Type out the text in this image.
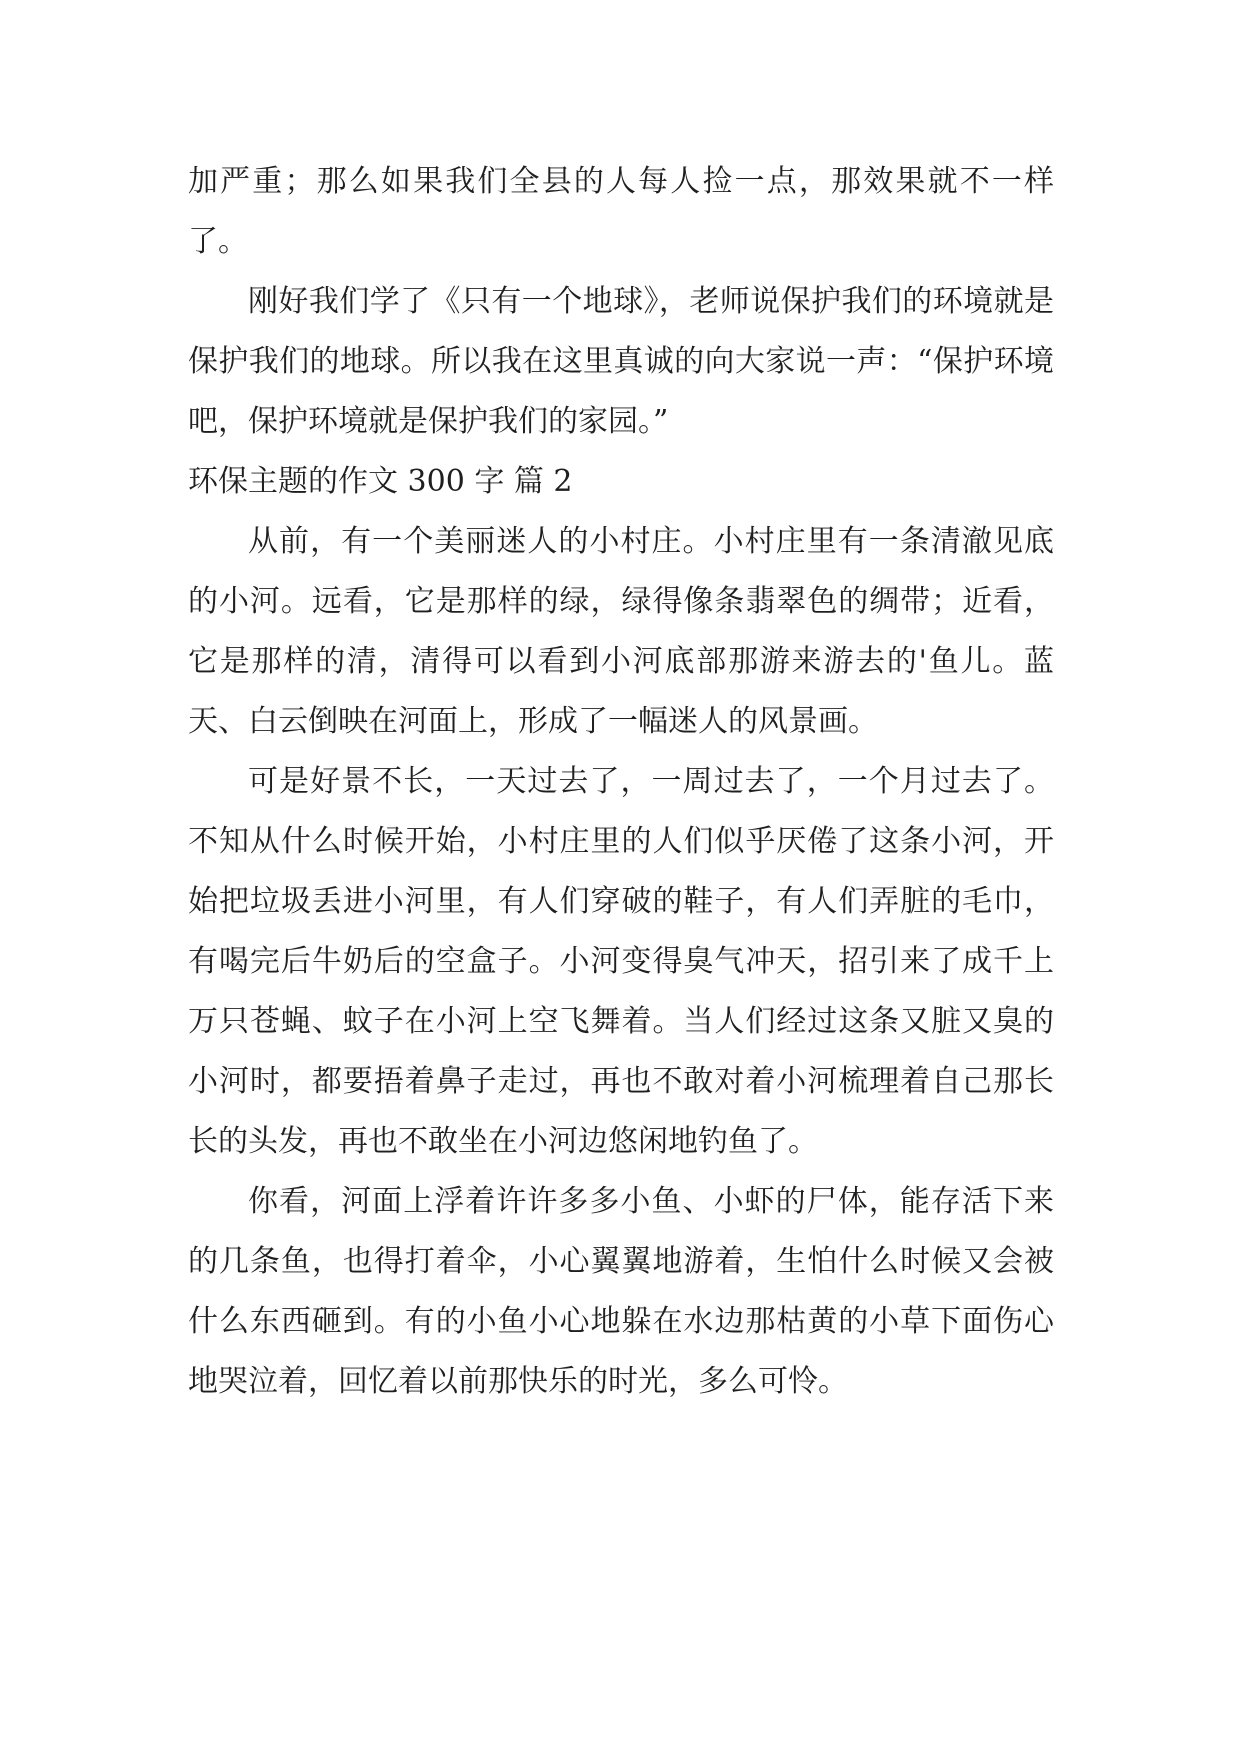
加严重；那么如果我们全县的人每人捡一点，那效果就不一样了。

刚好我们学了《只有一个地球》，老师说保护我们的环境就是保护我们的地球。所以我在这里真诚的向大家说一声：“保护环境吧，保护环境就是保护我们的家园。”

环保主题的作文 300 字 篇 2

从前，有一个美丽迷人的小村庄。小村庄里有一条清澈见底的小河。远看，它是那样的绿，绿得像条翡翠色的绸带；近看，它是那样的清，清得可以看到小河底部那游来游去的'鱼儿。蓝天、白云倒映在河面上，形成了一幅迷人的风景画。

可是好景不长，一天过去了，一周过去了，一个月过去了。不知从什么时候开始，小村庄里的人们似乎厌倦了这条小河，开始把垃圾丢进小河里，有人们穿破的鞋子，有人们弄脏的毛巾，有喝完后牛奶后的空盒子。小河变得臭气冲天，招引来了成千上万只苍蝇、蚊子在小河上空飞舞着。当人们经过这条又脏又臭的小河时，都要捂着鼻子走过，再也不敢对着小河梳理着自己那长长的头发，再也不敢坐在小河边悠闲地钓鱼了。

你看，河面上浮着许许多多小鱼、小虾的尸体，能存活下来的几条鱼，也得打着伞，小心翼翼地游着，生怕什么时候又会被什么东西砸到。有的小鱼小心地躲在水边那枯黄的小草下面伤心地哭泣着，回忆着以前那快乐的时光，多么可怜。
